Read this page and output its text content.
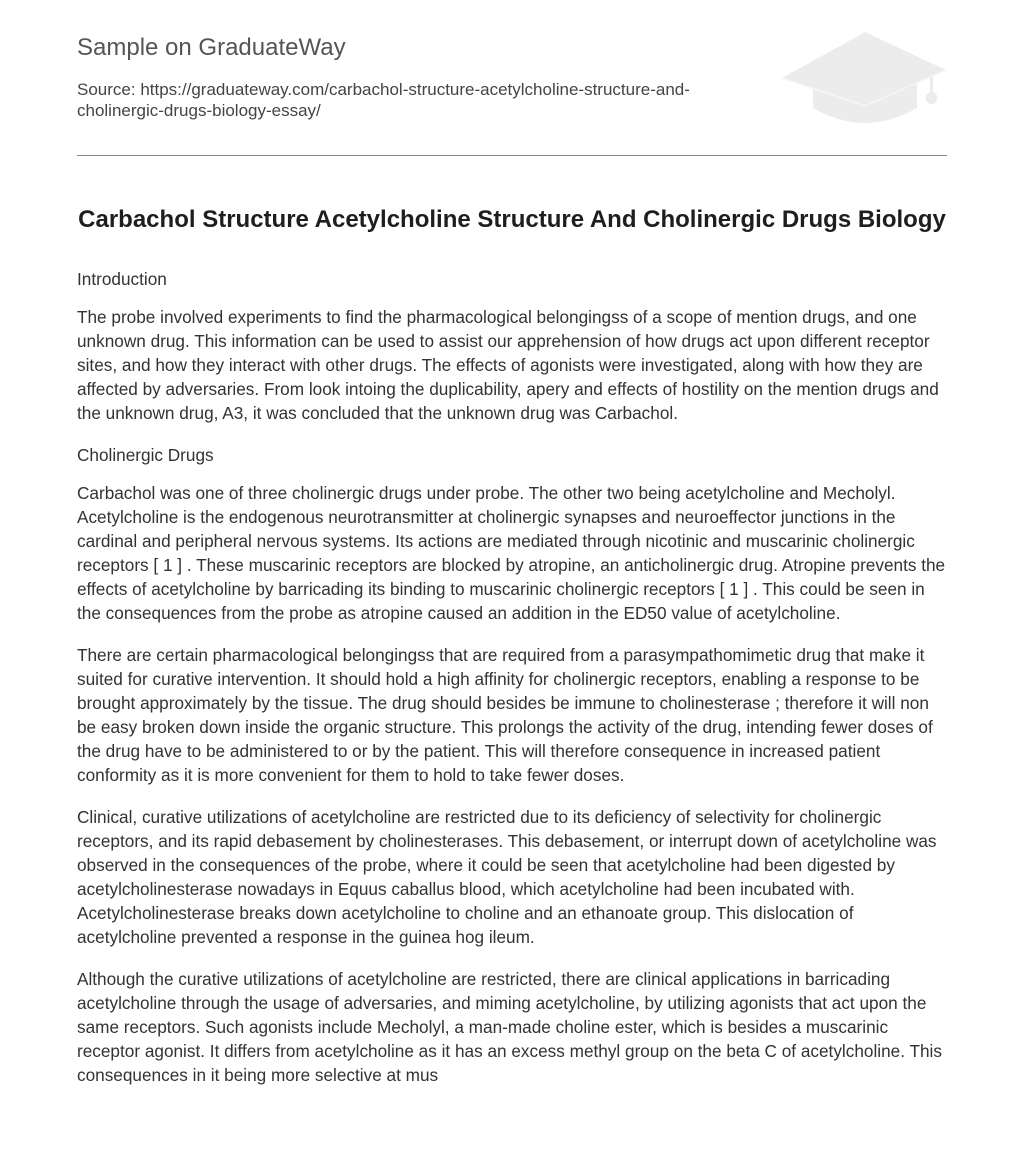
Sample on GraduateWay
Source: https://graduateway.com/carbachol-structure-acetylcholine-structure-and-cholinergic-drugs-biology-essay/
Carbachol Structure Acetylcholine Structure And Cholinergic Drugs Biology

Introduction

The probe involved experiments to find the pharmacological belongingss of a scope of mention drugs, and one unknown drug. This information can be used to assist our apprehension of how drugs act upon different receptor sites, and how they interact with other drugs. The effects of agonists were investigated, along with how they are affected by adversaries. From look intoing the duplicability, apery and effects of hostility on the mention drugs and the unknown drug, A3, it was concluded that the unknown drug was Carbachol.

Cholinergic Drugs

Carbachol was one of three cholinergic drugs under probe. The other two being acetylcholine and Mecholyl. Acetylcholine is the endogenous neurotransmitter at cholinergic synapses and neuroeffector junctions in the cardinal and peripheral nervous systems. Its actions are mediated through nicotinic and muscarinic cholinergic receptors [ 1 ] . These muscarinic receptors are blocked by atropine, an anticholinergic drug. Atropine prevents the effects of acetylcholine by barricading its binding to muscarinic cholinergic receptors [ 1 ] . This could be seen in the consequences from the probe as atropine caused an addition in the ED50 value of acetylcholine.

There are certain pharmacological belongingss that are required from a parasympathomimetic drug that make it suited for curative intervention. It should hold a high affinity for cholinergic receptors, enabling a response to be brought approximately by the tissue. The drug should besides be immune to cholinesterase ; therefore it will non be easy broken down inside the organic structure. This prolongs the activity of the drug, intending fewer doses of the drug have to be administered to or by the patient. This will therefore consequence in increased patient conformity as it is more convenient for them to hold to take fewer doses.

Clinical, curative utilizations of acetylcholine are restricted due to its deficiency of selectivity for cholinergic receptors, and its rapid debasement by cholinesterases. This debasement, or interrupt down of acetylcholine was observed in the consequences of the probe, where it could be seen that acetylcholine had been digested by acetylcholinesterase nowadays in Equus caballus blood, which acetylcholine had been incubated with. Acetylcholinesterase breaks down acetylcholine to choline and an ethanoate group. This dislocation of acetylcholine prevented a response in the guinea hog ileum.

Although the curative utilizations of acetylcholine are restricted, there are clinical applications in barricading acetylcholine through the usage of adversaries, and miming acetylcholine, by utilizing agonists that act upon the same receptors. Such agonists include Mecholyl, a man-made choline ester, which is besides a muscarinic receptor agonist. It differs from acetylcholine as it has an excess methyl group on the beta C of acetylcholine. This consequences in it being more selective at mus
